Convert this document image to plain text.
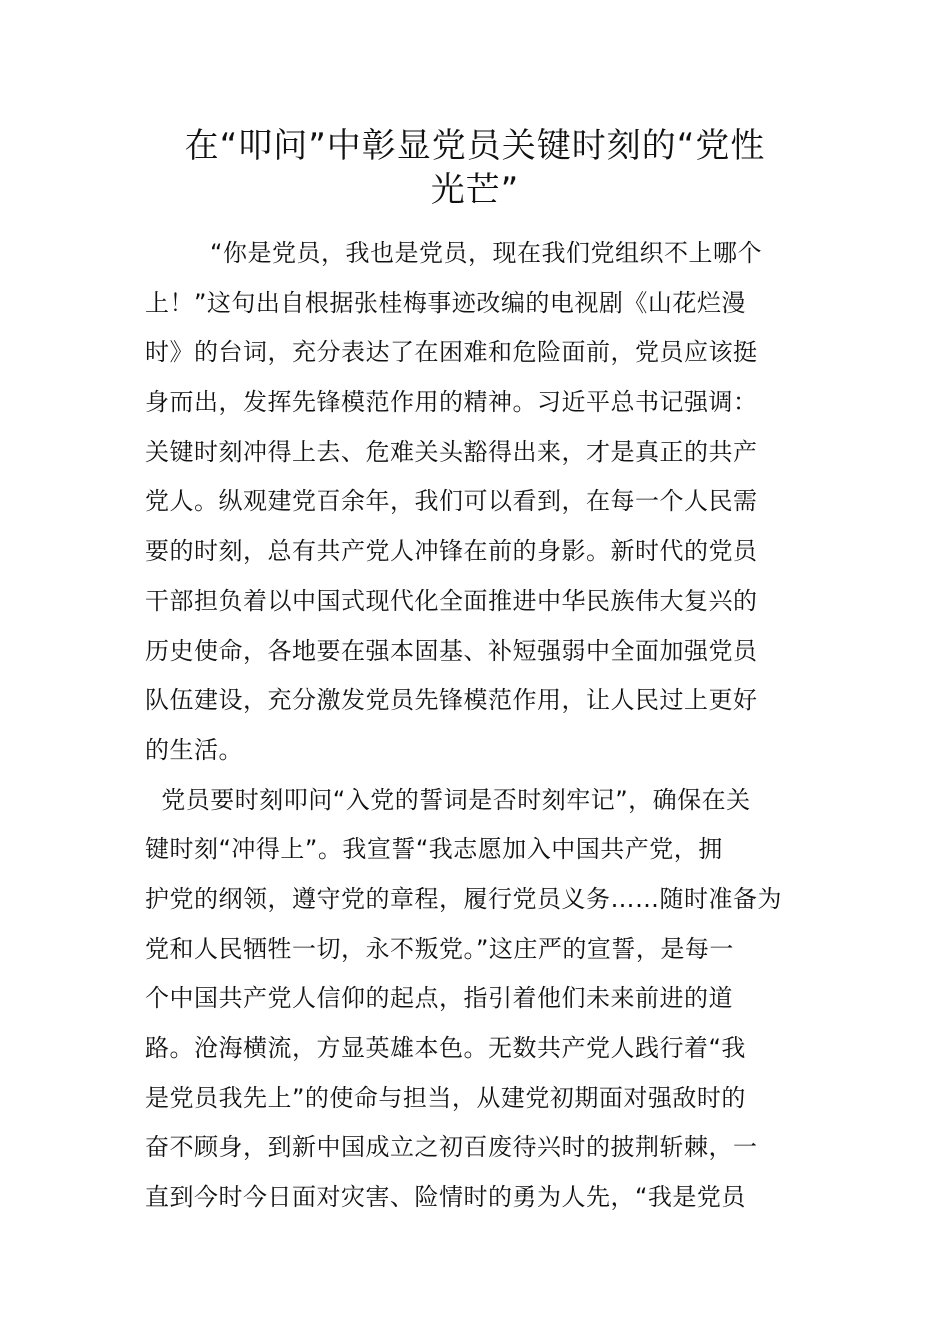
在“叩问”中彰显党员关键时刻的“党性
光芒”
“你是党员，我也是党员，现在我们党组织不上哪个
上！”这句出自根据张桂梅事迹改编的电视剧《山花烂漫
时》的台词，充分表达了在困难和危险面前，党员应该挺
身而出，发挥先锋模范作用的精神。习近平总书记强调：
关键时刻冲得上去、危难关头豁得出来，才是真正的共产
党人。纵观建党百余年，我们可以看到，在每一个人民需
要的时刻，总有共产党人冲锋在前的身影。新时代的党员
干部担负着以中国式现代化全面推进中华民族伟大复兴的
历史使命，各地要在强本固基、补短强弱中全面加强党员
队伍建设，充分激发党员先锋模范作用，让人民过上更好
的生活。
党员要时刻叩问“入党的誓词是否时刻牢记”，确保在关
键时刻“冲得上”。我宣誓“我志愿加入中国共产党，拥
护党的纲领，遵守党的章程，履行党员义务……随时准备为
党和人民牺牲一切，永不叛党。”这庄严的宣誓，是每一
个中国共产党人信仰的起点，指引着他们未来前进的道
路。沧海横流，方显英雄本色。无数共产党人践行着“我
是党员我先上”的使命与担当，从建党初期面对强敌时的
奋不顾身，到新中国成立之初百废待兴时的披荆斩棘，一
直到今时今日面对灾害、险情时的勇为人先，“我是党员
